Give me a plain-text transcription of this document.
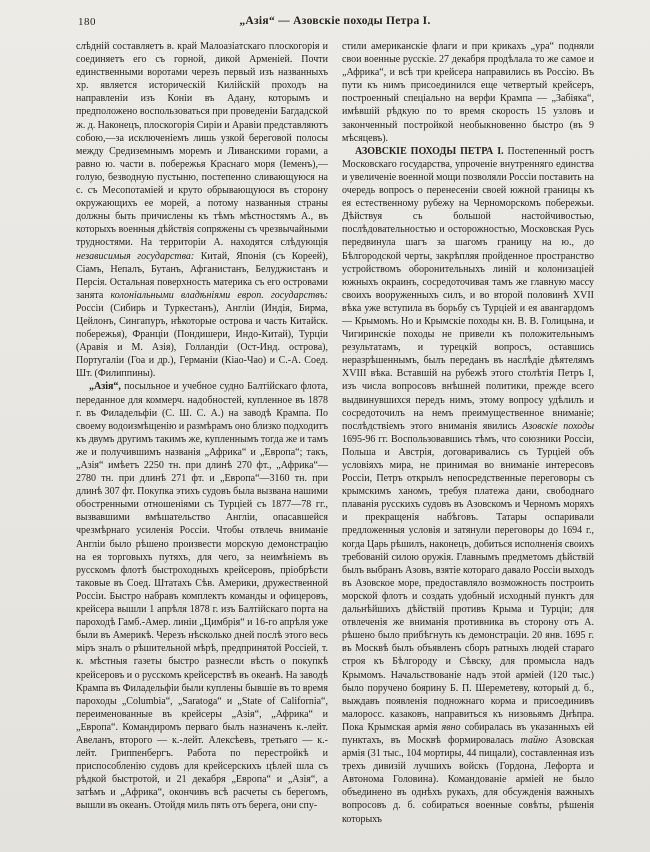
180	„Азія“ — Азовскіе походы Петра I.

слѣдній составляетъ в. край Малоазіатскаго плоскогорія и соединяетъ его съ горной, дикой Арменіей. Почти единственными воротами черезъ первый изъ названныхъ хр. является историческій Килійскій проходъ на направленіи изъ Коніи въ Адану, которымъ и предположено воспользоваться при проведеніи Багдадской ж. д. Наконецъ, плоскогорія Сиріи и Аравіи представляютъ собою,—за исключеніемъ лишь узкой береговой полосы между Средиземнымъ моремъ и Ливанскими горами, а равно ю. части в. побережья Краснаго моря (Іеменъ),—голую, безводную пустыню, постепенно сливающуюся на с. съ Месопотаміей и круто обрывающуюся въ сторону окружающихъ ее морей, а потому названныя страны должны быть причислены къ тѣмъ мѣстностямъ А., въ которыхъ военныя дѣйствія сопряжены съ чрезвычайными трудностями. На территоріи А. находятся слѣдующія независимыя государства: Китай, Японія (съ Кореей), Сіамъ, Непалъ, Бутанъ, Афганистанъ, Белуджистанъ и Персія. Остальная поверхность материка съ его островами занята колоніальными владѣніями европ. государствъ: Россіи (Сибирь и Туркестанъ), Англіи (Индія, Бирма, Цейлонъ, Сингапуръ, нѣкоторые острова и часть Китайск. побережья), Франціи (Пондишери, Индо-Китай), Турціи (Аравія и М. Азія), Голландіи (Ост-Инд. острова), Португаліи (Гоа и др.), Германіи (Кіао-Чао) и С.-А. Соед. Шт. (Филиппины).

„Азія“, посыльное и учебное судно Балтійскаго флота, переданное для коммерч. надобностей, купленное въ 1878 г. въ Филадельфіи (С. Ш. С. А.) на заводѣ Крампа. По своему водоизмѣщенію и размѣрамъ оно близко подходитъ къ двумъ другимъ такимъ же, купленнымъ тогда же и тамъ же и получившимъ названія „Африка“ и „Европа“; такъ, „Азія“ имѣетъ 2250 тн. при длинѣ 270 фт., „Африка“—2780 тн. при длинѣ 271 фт. и „Европа“—3160 тн. при длинѣ 307 фт. Покупка этихъ судовъ была вызвана нашими обостренными отношеніями съ Турціей съ 1877—78 гг., вызвавшими вмѣшательство Англіи, опасавшейся чрезмѣрнаго усиленія Россіи. Чтобы отвлечь вниманіе Англіи было рѣшено произвести морскую демонстрацію на ея торговыхъ путяхъ, для чего, за неимѣніемъ въ русскомъ флотѣ быстроходныхъ крейсеровъ, пріобрѣсти таковые въ Соед. Штатахъ Сѣв. Америки, дружественной Россіи. Быстро набравъ комплектъ команды и офицеровъ, крейсера вышли 1 апрѣля 1878 г. изъ Балтійскаго порта на пароходѣ Гамб.-Амер. линіи „Цимбрія“ и 16-го апрѣля уже были въ Америкѣ. Черезъ нѣсколько дней послѣ этого весь міръ зналъ о рѣшительной мѣрѣ, предпринятой Россіей, т. к. мѣстныя газеты быстро разнесли вѣсть о покупкѣ крейсеровъ и о русскомъ крейсерствѣ въ океанѣ. На заводѣ Крампа въ Филадельфіи были куплены бывшіе въ то время пароходы „Columbia“, „Saratoga“ и „State of California“, переименованные въ крейсеры „Азія“, „Африка“ и „Европа“. Командиромъ перваго былъ назначенъ к.-лейт. Авеланъ, второго — к.-лейт. Алексѣевъ, третьяго — к.-лейт. Гриппенбергъ. Работа по перестройкѣ и приспособленію судовъ для крейсерскихъ цѣлей шла съ рѣдкой быстротой, и 21 декабря „Европа“ и „Азія“, а затѣмъ и „Африка“, окончивъ всѣ расчеты съ берегомъ, вышли въ океанъ. Отойдя миль пять отъ берега, они спу-

стили американскіе флаги и при крикахъ „ура“ подняли свои военные русскіе. 27 декабря продѣлала то же самое и „Африка“, и всѣ три крейсера направились въ Россію. Въ пути къ нимъ присоединился еще четвертый крейсеръ, построенный спеціально на верфи Крампа — „Забіяка“, имѣвшій рѣдкую по то время скорость 15 узловъ и законченный постройкой необыкновенно быстро (въ 9 мѣсяцевъ).

АЗОВСКІЕ ПОХОДЫ ПЕТРА I. Постепенный ростъ Московскаго государства, упроченіе внутренняго единства и увеличеніе военной мощи позволяли Россіи поставить на очередь вопросъ о перенесеніи своей южной границы къ ея естественному рубежу на Черноморскомъ побережьи. Дѣйствуя съ большой настойчивостью, послѣдовательностью и осторожностью, Московская Русь передвинула шагъ за шагомъ границу на ю., до Бѣлгородской черты, закрѣпляя пройденное пространство устройствомъ оборонительныхъ линій и колонизаціей южныхъ окраинъ, сосредоточивая тамъ же главную массу своихъ вооруженныхъ силъ, и во второй половинѣ XVII вѣка уже вступила въ борьбу съ Турціей и ея авангардомъ — Крымомъ. Но и Крымскіе походы кн. В. В. Голицына, и Чигиринскіе походы не привели къ положительнымъ результатамъ, и турецкій вопросъ, оставшись неразрѣшеннымъ, былъ переданъ въ наслѣдіе дѣятелямъ XVIII вѣка. Вставшій на рубежѣ этого столѣтія Петръ I, изъ числа вопросовъ внѣшней политики, прежде всего выдвинувшихся передъ нимъ, этому вопросу удѣлилъ и сосредоточилъ на немъ преимущественное вниманіе; послѣдствіемъ этого вниманія явились Азовскіе походы 1695-96 гг. Воспользовавшись тѣмъ, что союзники Россіи, Польша и Австрія, договаривались съ Турціей объ условіяхъ мира, не принимая во вниманіе интересовъ Россіи, Петръ открылъ непосредственные переговоры съ крымскимъ ханомъ, требуя платежа дани, свободнаго плаванія русскихъ судовъ въ Азовскомъ и Черномъ моряхъ и прекращенія набѣговъ. Татары оспаривали предложенныя условія и затянули переговоры до 1694 г., когда Царь рѣшилъ, наконецъ, добиться исполненія своихъ требованій силою оружія. Главнымъ предметомъ дѣйствій былъ выбранъ Азовъ, взятіе котораго давало Россіи выходъ въ Азовское море, предоставляло возможность построить морской флотъ и создать удобный исходный пунктъ для дальнѣйшихъ дѣйствій противъ Крыма и Турціи; для отвлеченія же вниманія противника въ сторону отъ А. рѣшено было прибѣгнуть къ демонстраціи. 20 янв. 1695 г. въ Москвѣ былъ объявленъ сборъ ратныхъ людей стараго строя къ Бѣлгороду и Сѣвску, для промысла надъ Крымомъ. Начальствованіе надъ этой арміей (120 тыс.) было поручено боярину Б. П. Шереметеву, который д. б., выждавъ появленія подножнаго корма и присоединивъ малоросс. казаковъ, направиться къ низовьямъ Днѣпра. Пока Крымская армія явно собиралась въ указанныхъ ей пунктахъ, въ Москвѣ формировалась тайно Азовская армія (31 тыс., 104 мортиры, 44 пищали), составленная изъ трехъ дивизій лучшихъ войскъ (Гордона, Лефорта и Автонома Головина). Командованіе арміей не было объединено въ однѣхъ рукахъ, для обсужденія важныхъ вопросовъ д. б. собираться военные совѣты, рѣшенія которыхъ
